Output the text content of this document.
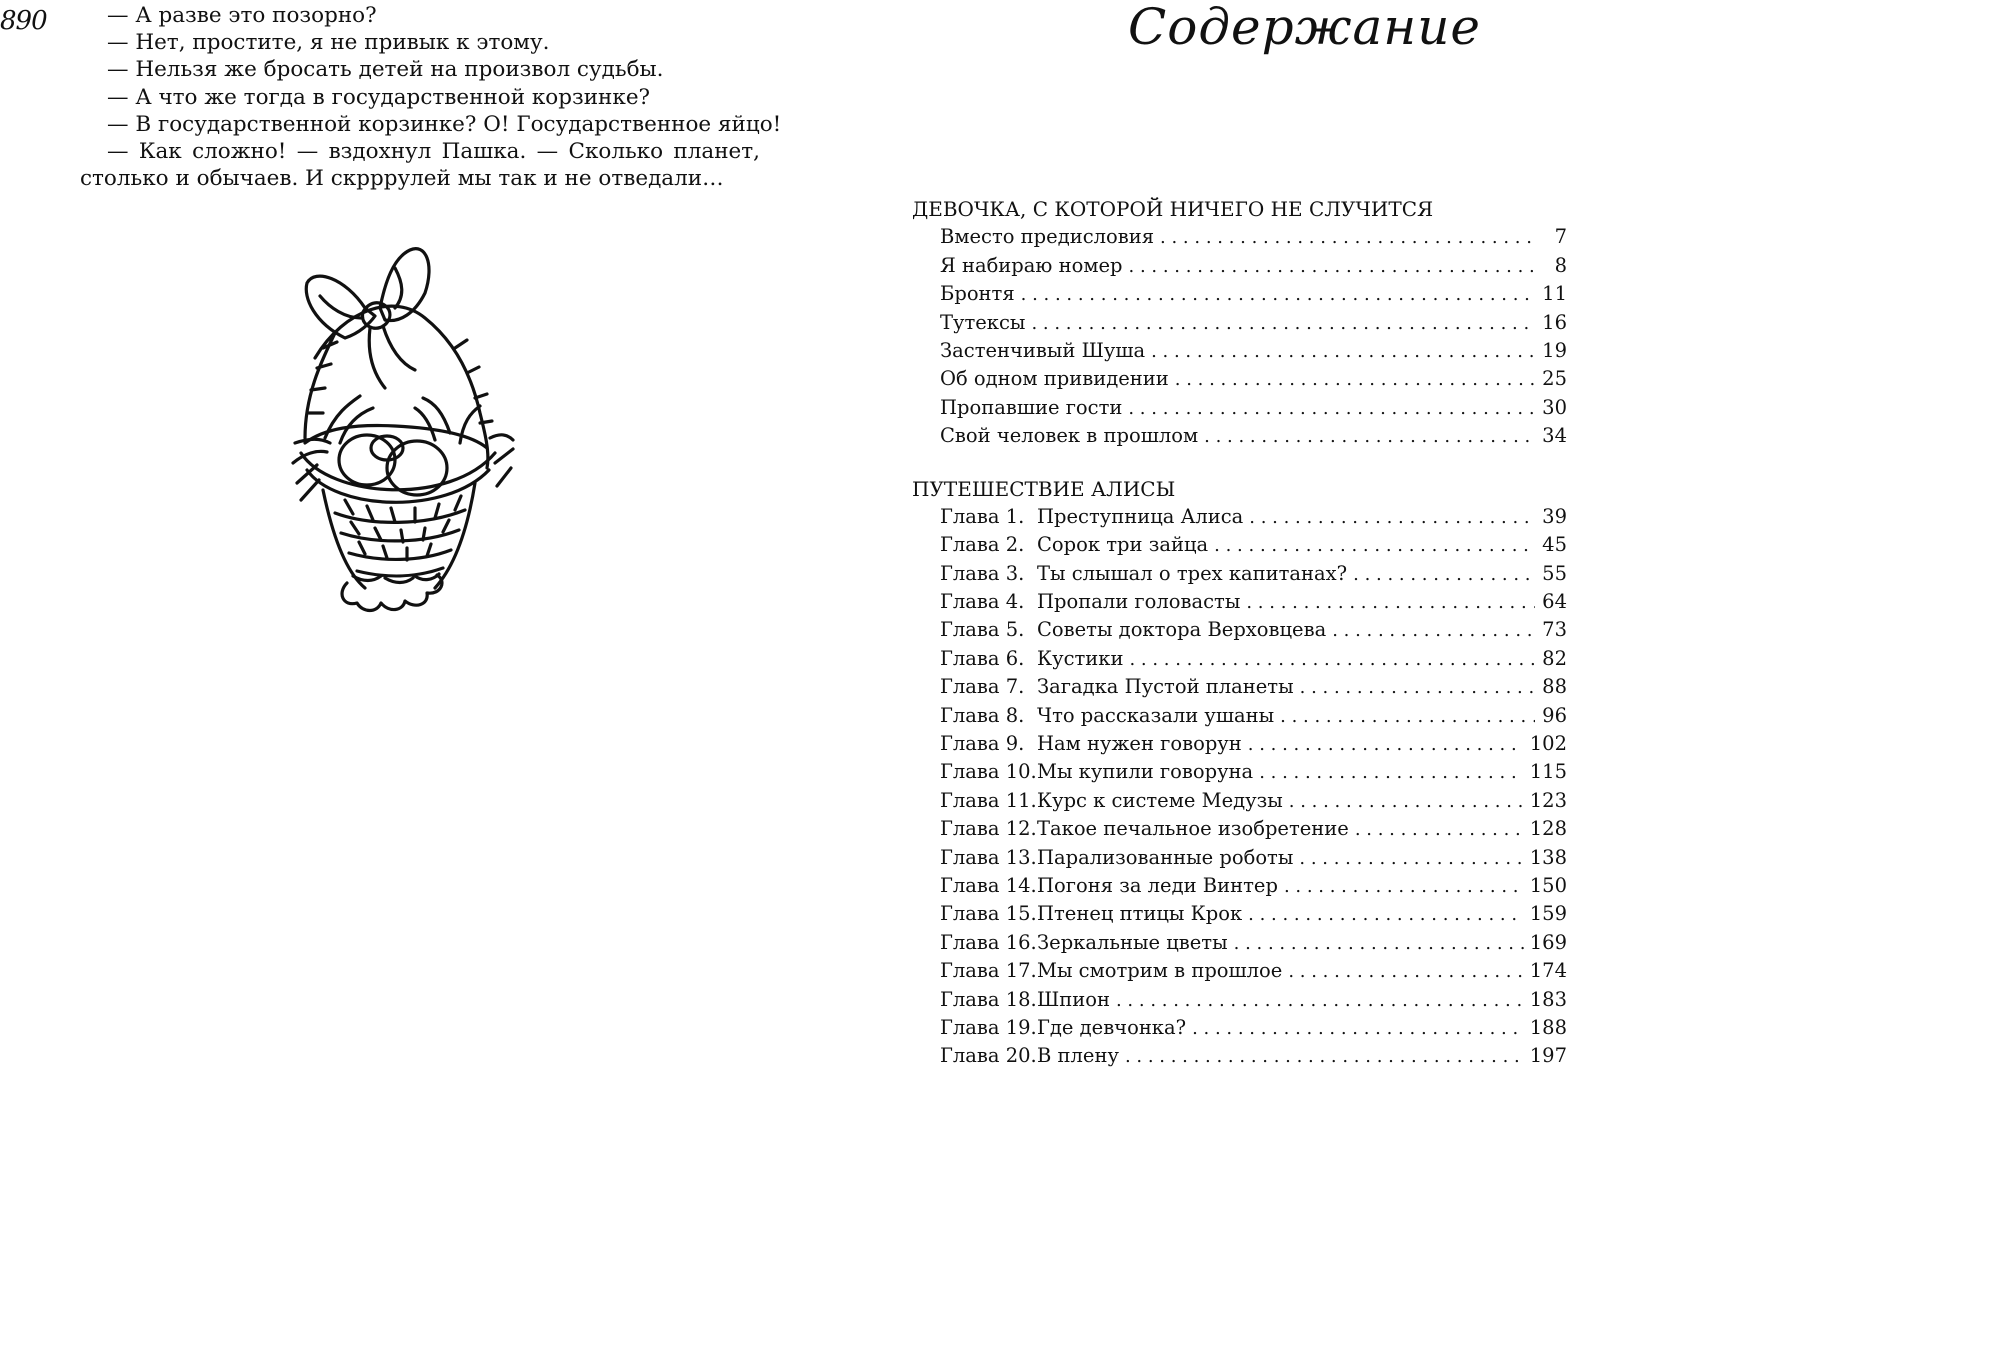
890	— А разве это позорно?
— Нет, простите, я не привык к этому.
— Нельзя же бросать детей на произвол судьбы.
— А что же тогда в государственной корзинке?
— В государственной корзинке? О! Государственное яйцо!
— Как сложно! — вздохнул Пашка. — Сколько планет,
столько и обычаев. И скрррулей мы так и не отведали…
Содержание
ДЕВОЧКА, С КОТОРОЙ НИЧЕГО НЕ СЛУЧИТСЯ
Вместо предисловия . . .	7
Я набираю номер . . .	8
Бронтя . . .	11
Тутексы . . .	16
Застенчивый Шуша . . .	19
Об одном привидении . . .	25
Пропавшие гости . . .	30
Свой человек в прошлом . . .	34
ПУТЕШЕСТВИЕ АЛИСЫ
Глава 1. Преступница Алиса . . .	39
Глава 2. Сорок три зайца . . .	45
Глава 3. Ты слышал о трех капитанах? . . .	55
Глава 4. Пропали головасты . . .	64
Глава 5. Советы доктора Верховцева . . .	73
Глава 6. Кустики . . .	82
Глава 7. Загадка Пустой планеты . . .	88
Глава 8. Что рассказали ушаны . . .	96
Глава 9. Нам нужен говорун . . .	102
Глава 10. Мы купили говоруна . . .	115
Глава 11. Курс к системе Медузы . . .	123
Глава 12. Такое печальное изобретение . . .	128
Глава 13. Парализованные роботы . . .	138
Глава 14. Погоня за леди Винтер . . .	150
Глава 15. Птенец птицы Крок . . .	159
Глава 16. Зеркальные цветы . . .	169
Глава 17. Мы смотрим в прошлое . . .	174
Глава 18. Шпион . . .	183
Глава 19. Где девчонка? . . .	188
Глава 20. В плену . . .	197
